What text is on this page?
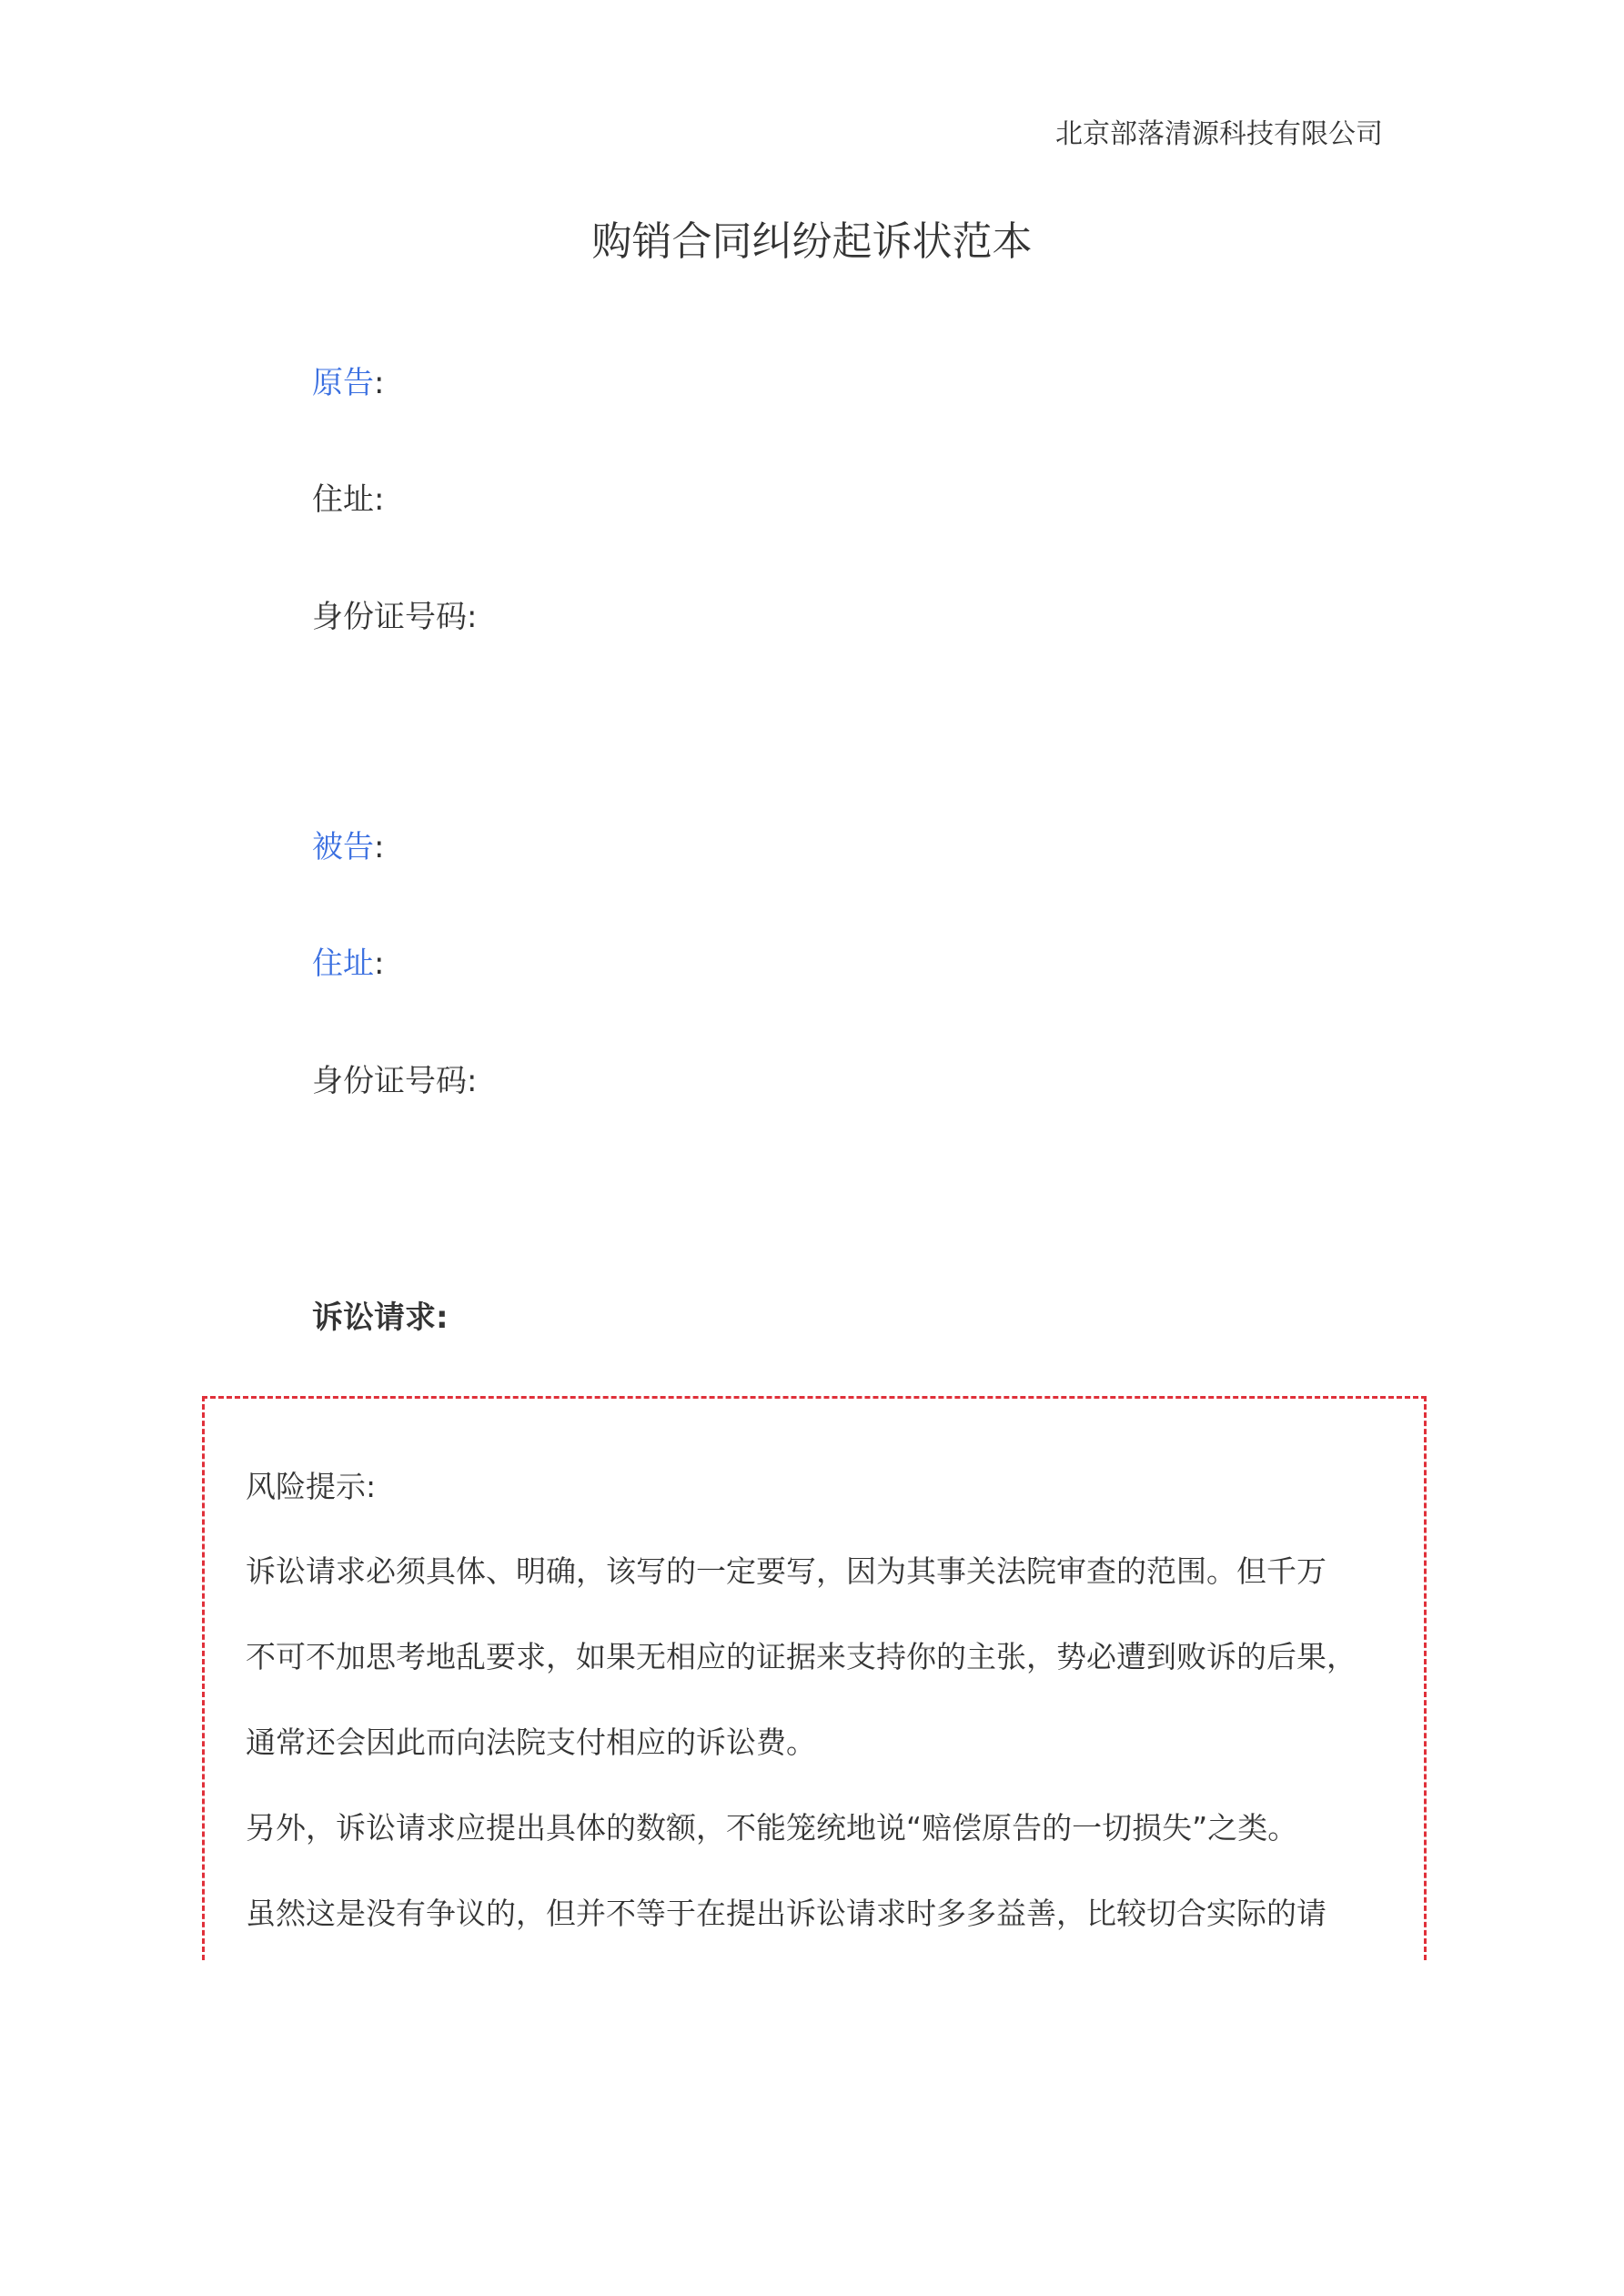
北京部落清源科技有限公司
购销合同纠纷起诉状范本
原告:
住址:
身份证号码:
被告:
住址:
身份证号码:
诉讼请求:
风险提示:
诉讼请求必须具体、明确，该写的一定要写，因为其事关法院审查的范围。但千万
不可不加思考地乱要求，如果无相应的证据来支持你的主张，势必遭到败诉的后果，
通常还会因此而向法院支付相应的诉讼费。
另外，诉讼请求应提出具体的数额，不能笼统地说“赔偿原告的一切损失”之类。
虽然这是没有争议的，但并不等于在提出诉讼请求时多多益善，比较切合实际的请
